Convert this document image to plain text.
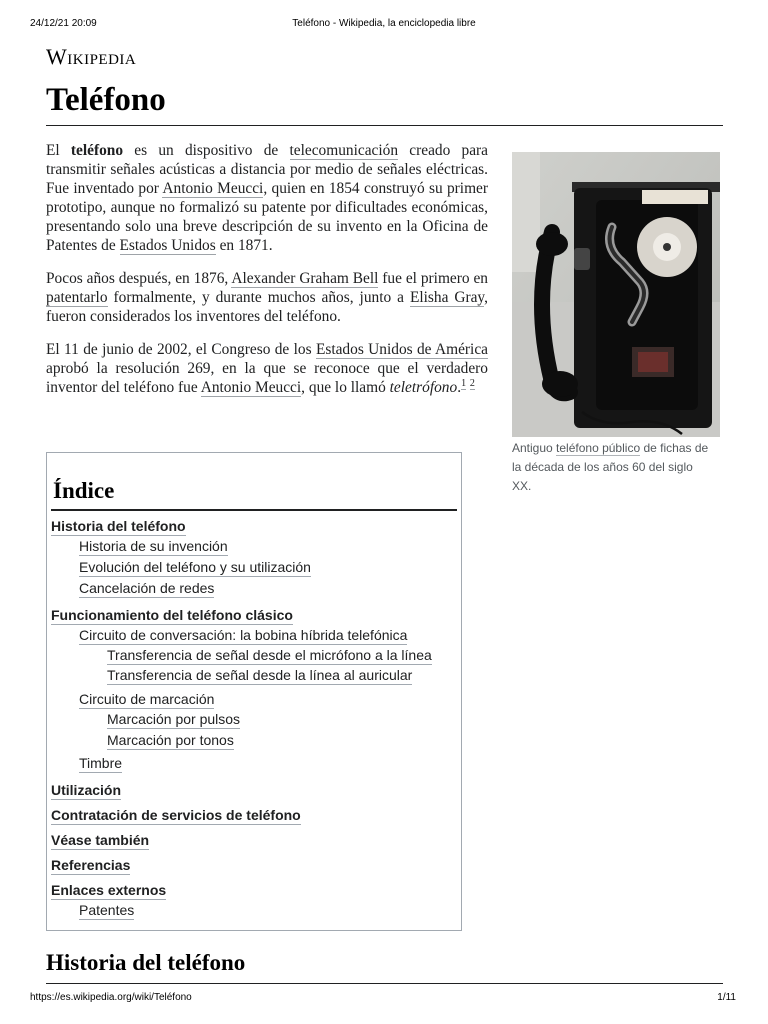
24/12/21 20:09	Teléfono - Wikipedia, la enciclopedia libre
Wikipedia
Teléfono

El teléfono es un dispositivo de telecomunicación creado para transmitir señales acústicas a distancia por medio de señales eléctricas. Fue inventado por Antonio Meucci, quien en 1854 construyó su primer prototipo, aunque no formalizó su patente por dificultades económicas, presentando solo una breve descripción de su invento en la Oficina de Patentes de Estados Unidos en 1871.

Pocos años después, en 1876, Alexander Graham Bell fue el primero en patentarlo formalmente, y durante muchos años, junto a Elisha Gray, fueron considerados los inventores del teléfono.

El 11 de junio de 2002, el Congreso de los Estados Unidos de América aprobó la resolución 269, en la que se reconoce que el verdadero inventor del teléfono fue Antonio Meucci, que lo llamó teletrófono.$^1$ $^2$

Antiguo teléfono público de fichas de la década de los años 60 del siglo XX.
Índice
Historia del teléfono
Historia de su invención
Evolución del teléfono y su utilización
Cancelación de redes
Funcionamiento del teléfono clásico
Circuito de conversación: la bobina híbrida telefónica
Transferencia de señal desde el micrófono a la línea
Transferencia de señal desde la línea al auricular
Circuito de marcación
Marcación por pulsos
Marcación por tonos
Timbre
Utilización
Contratación de servicios de teléfono
Véase también
Referencias
Enlaces externos
Patentes
Historia del teléfono
https://es.wikipedia.org/wiki/Teléfono	1/11
